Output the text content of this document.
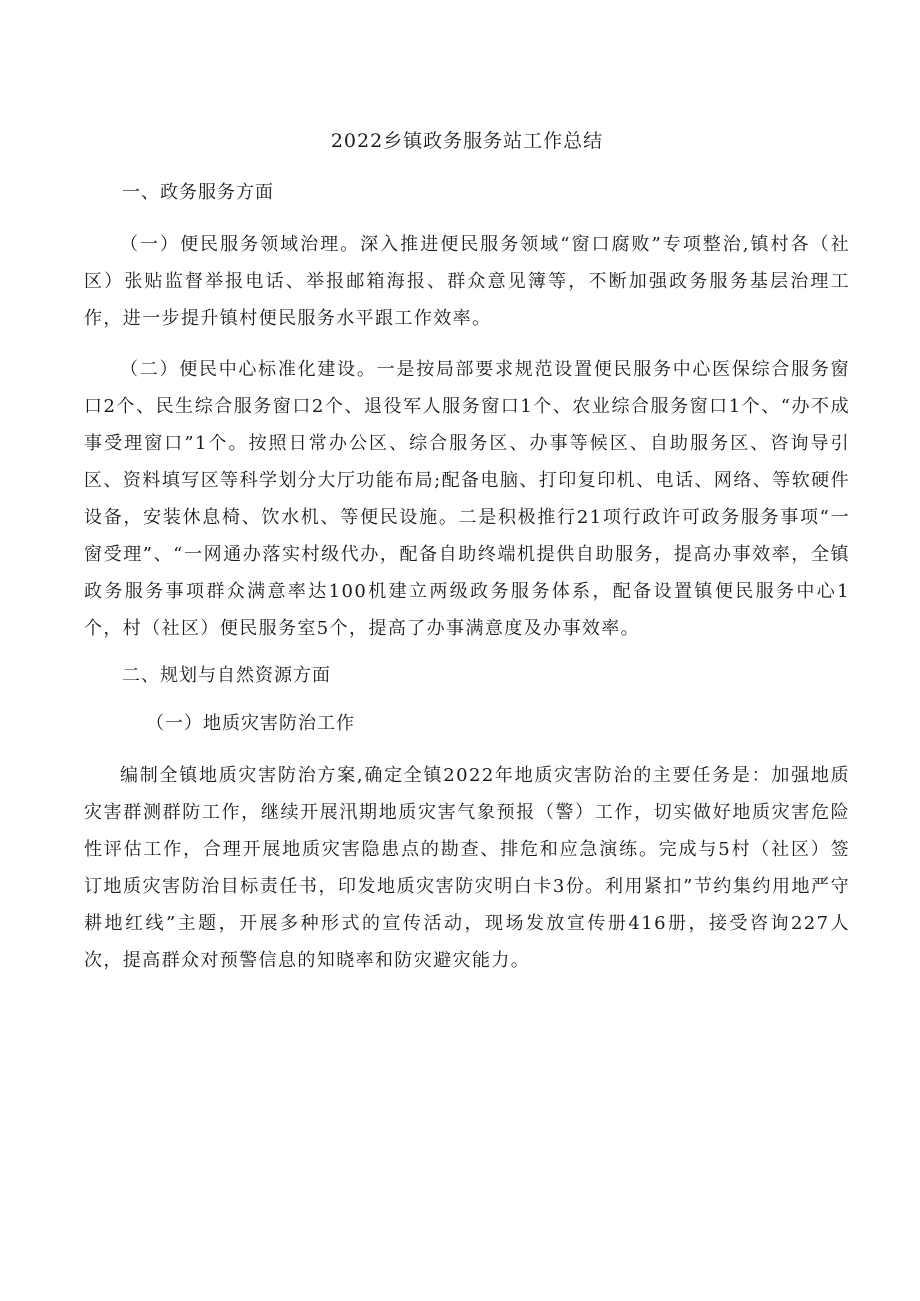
2022乡镇政务服务站工作总结
一、政务服务方面

（一）便民服务领域治理。深入推进便民服务领域“窗口腐败”专项整治,镇村各（社区）张贴监督举报电话、举报邮箱海报、群众意见簿等，不断加强政务服务基层治理工作，进一步提升镇村便民服务水平跟工作效率。

（二）便民中心标准化建设。一是按局部要求规范设置便民服务中心医保综合服务窗口2个、民生综合服务窗口2个、退役军人服务窗口1个、农业综合服务窗口1个、“办不成事受理窗口”1个。按照日常办公区、综合服务区、办事等候区、自助服务区、咨询导引区、资料填写区等科学划分大厅功能布局;配备电脑、打印复印机、电话、网络、等软硬件设备，安装休息椅、饮水机、等便民设施。二是积极推行21项行政许可政务服务事项“一窗受理”、“一网通办落实村级代办，配备自助终端机提供自助服务，提高办事效率，全镇政务服务事项群众满意率达100机建立两级政务服务体系，配备设置镇便民服务中心1个，村（社区）便民服务室5个，提高了办事满意度及办事效率。

二、规划与自然资源方面
（一）地质灾害防治工作

编制全镇地质灾害防治方案,确定全镇2022年地质灾害防治的主要任务是：加强地质灾害群测群防工作，继续开展汛期地质灾害气象预报（警）工作，切实做好地质灾害危险性评估工作，合理开展地质灾害隐患点的勘查、排危和应急演练。完成与5村（社区）签订地质灾害防治目标责任书，印发地质灾害防灾明白卡3份。利用紧扣”节约集约用地严守耕地红线”主题，开展多种形式的宣传活动，现场发放宣传册416册，接受咨询227人次，提高群众对预警信息的知晓率和防灾避灾能力。
